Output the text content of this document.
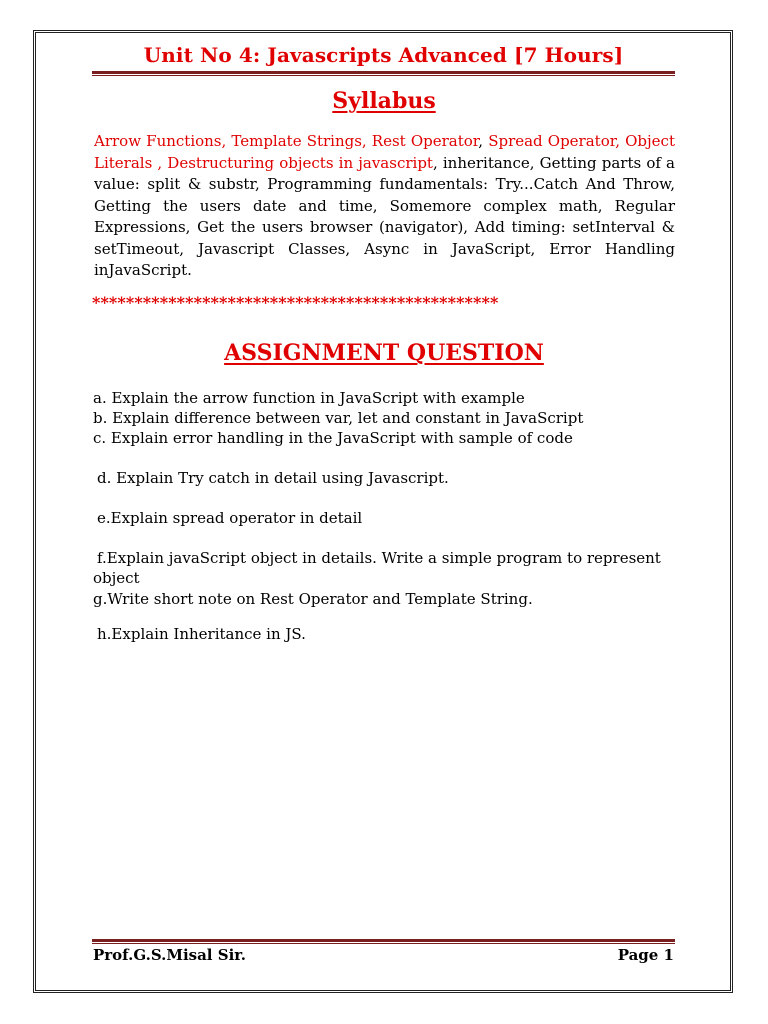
Unit No 4: Javascripts Advanced [7 Hours]
Syllabus
Arrow Functions, Template Strings, Rest Operator, Spread Operator, Object Literals , Destructuring objects in javascript, inheritance, Getting parts of a value: split & substr, Programming fundamentals: Try...Catch And Throw, Getting the users date and time, Somemore complex math, Regular Expressions, Get the users browser (navigator), Add timing: setInterval & setTimeout, Javascript Classes, Async in JavaScript, Error Handling inJavaScript.
************************************************
ASSIGNMENT QUESTION
a. Explain the arrow function in JavaScript with example
b. Explain difference between var, let and constant in JavaScript
c. Explain error handling in the JavaScript with sample of code
d. Explain Try catch in detail using Javascript.
e.Explain spread operator in detail
f.Explain javaScript object in details. Write a simple program to represent object
g.Write short note on Rest Operator and Template String.
h.Explain Inheritance in JS.
Prof.G.S.Misal Sir.	Page 1
